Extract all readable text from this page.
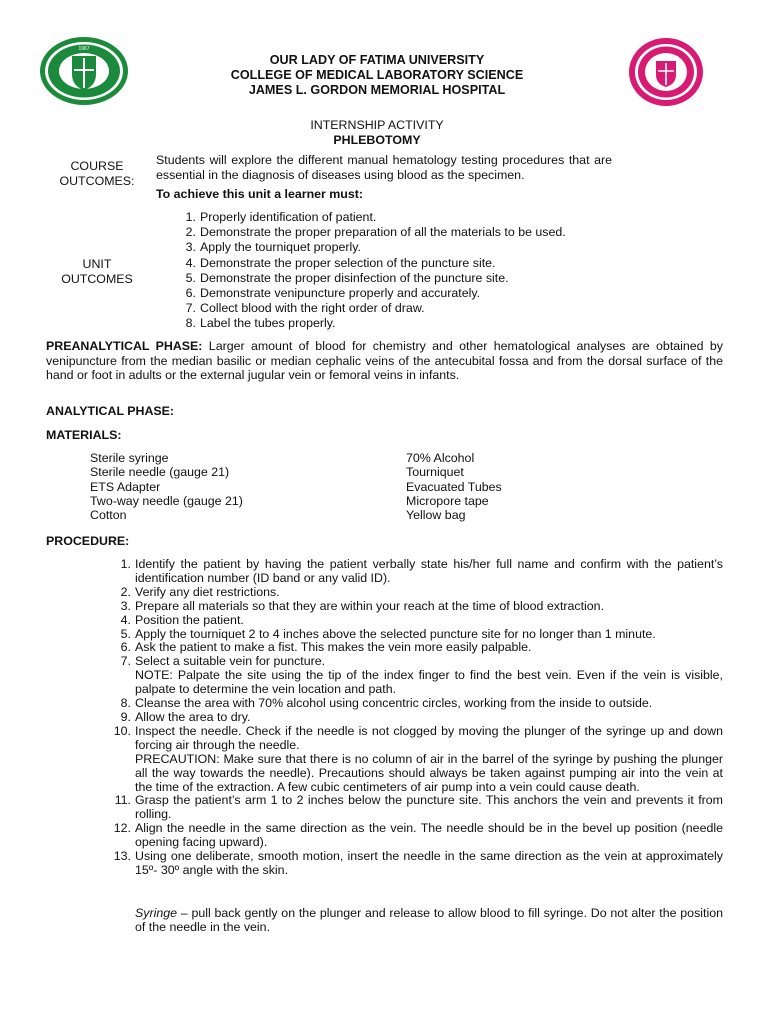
1967
OUR LADY OF FATIMA UNIVERSITY
COLLEGE OF MEDICAL LABORATORY SCIENCE
JAMES L. GORDON MEMORIAL HOSPITAL
INTERNSHIP ACTIVITY
PHLEBOTOMY
COURSE
OUTCOMES:
Students will explore the different manual hematology testing procedures that are essential in the diagnosis of diseases using blood as the specimen.
To achieve this unit a learner must:
UNIT
OUTCOMES
1. Properly identification of patient.
2. Demonstrate the proper preparation of all the materials to be used.
3. Apply the tourniquet properly.
4. Demonstrate the proper selection of the puncture site.
5. Demonstrate the proper disinfection of the puncture site.
6. Demonstrate venipuncture properly and accurately.
7. Collect blood with the right order of draw.
8. Label the tubes properly.
PREANALYTICAL PHASE: Larger amount of blood for chemistry and other hematological analyses are obtained by venipuncture from the median basilic or median cephalic veins of the antecubital fossa and from the dorsal surface of the hand or foot in adults or the external jugular vein or femoral veins in infants.
ANALYTICAL PHASE:
MATERIALS:
Sterile syringe
Sterile needle (gauge 21)
ETS Adapter
Two-way needle (gauge 21)
Cotton
70% Alcohol
Tourniquet
Evacuated Tubes
Micropore tape
Yellow bag
PROCEDURE:
1. Identify the patient by having the patient verbally state his/her full name and confirm with the patient’s identification number (ID band or any valid ID).
2. Verify any diet restrictions.
3. Prepare all materials so that they are within your reach at the time of blood extraction.
4. Position the patient.
5. Apply the tourniquet 2 to 4 inches above the selected puncture site for no longer than 1 minute.
6. Ask the patient to make a fist. This makes the vein more easily palpable.
7. Select a suitable vein for puncture.
NOTE: Palpate the site using the tip of the index finger to find the best vein. Even if the vein is visible, palpate to determine the vein location and path.
8. Cleanse the area with 70% alcohol using concentric circles, working from the inside to outside.
9. Allow the area to dry.
10. Inspect the needle. Check if the needle is not clogged by moving the plunger of the syringe up and down forcing air through the needle.
PRECAUTION: Make sure that there is no column of air in the barrel of the syringe by pushing the plunger all the way towards the needle). Precautions should always be taken against pumping air into the vein at the time of the extraction. A few cubic centimeters of air pump into a vein could cause death.
11. Grasp the patient’s arm 1 to 2 inches below the puncture site. This anchors the vein and prevents it from rolling.
12. Align the needle in the same direction as the vein. The needle should be in the bevel up position (needle opening facing upward).
13. Using one deliberate, smooth motion, insert the needle in the same direction as the vein at approximately 15º- 30º angle with the skin.
Syringe – pull back gently on the plunger and release to allow blood to fill syringe. Do not alter the position of the needle in the vein.
